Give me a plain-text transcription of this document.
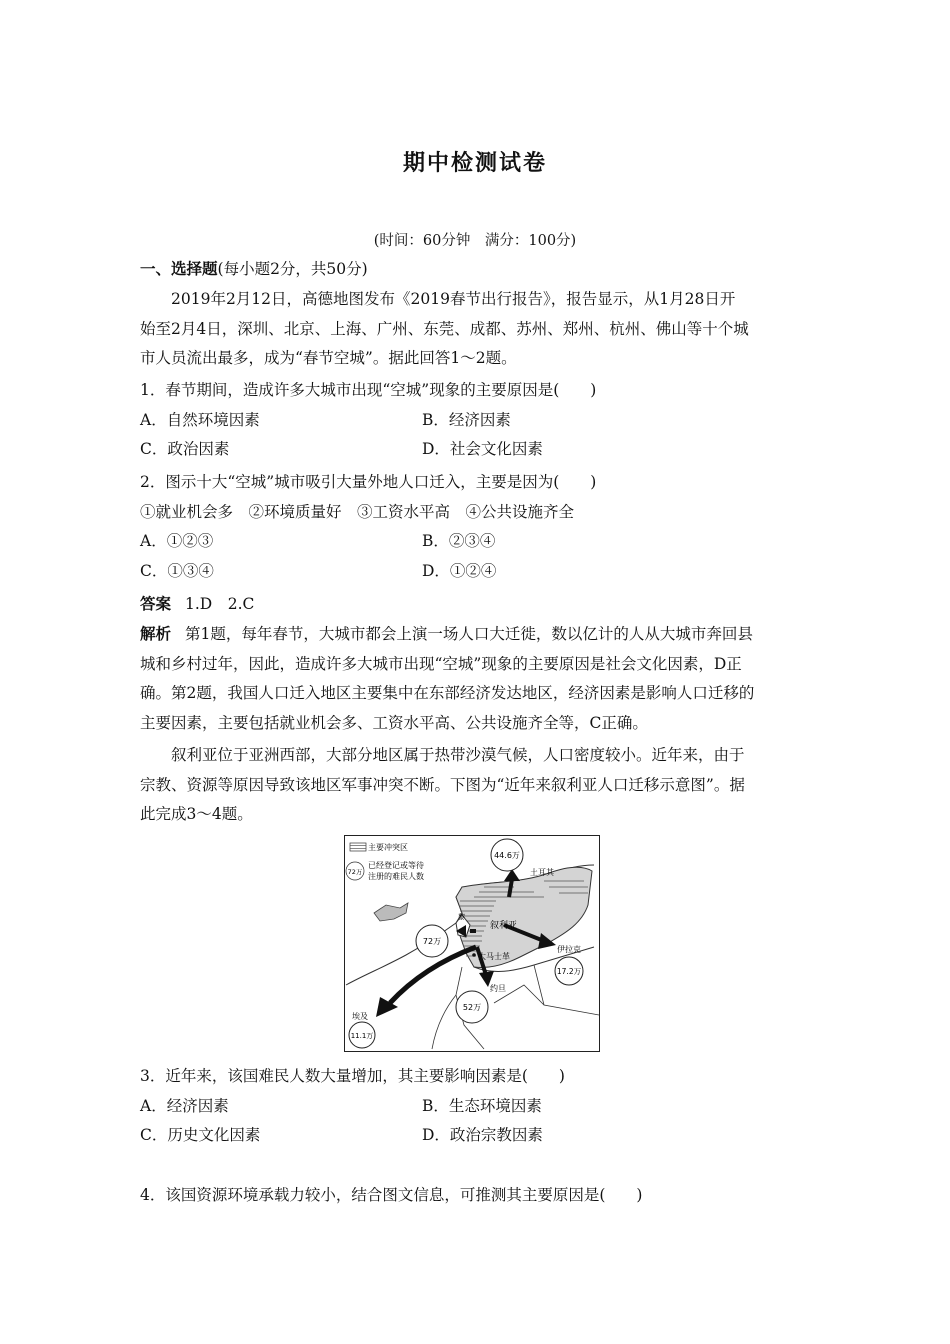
期中检测试卷
(时间：60分钟　满分：100分)
一、选择题(每小题2分，共50分)
2019年2月12日，高德地图发布《2019春节出行报告》，报告显示，从1月28日开
始至2月4日，深圳、北京、上海、广州、东莞、成都、苏州、郑州、杭州、佛山等十个城
市人员流出最多，成为“春节空城”。据此回答1～2题。
1．春节期间，造成许多大城市出现“空城”现象的主要原因是(　　)
A．自然环境因素	B．经济因素
C．政治因素	D．社会文化因素
2．图示十大“空城”城市吸引大量外地人口迁入，主要是因为(　　)
①就业机会多　②环境质量好　③工资水平高　④公共设施齐全
A．①②③	B．②③④
C．①③④	D．①②④
答案 1.D　2.C
解析 第1题，每年春节，大城市都会上演一场人口大迁徙，数以亿计的人从大城市奔回县
城和乡村过年，因此，造成许多大城市出现“空城”现象的主要原因是社会文化因素，D正
确。第2题，我国人口迁入地区主要集中在东部经济发达地区，经济因素是影响人口迁移的
主要因素，主要包括就业机会多、工资水平高、公共设施齐全等，C正确。
叙利亚位于亚洲西部，大部分地区属于热带沙漠气候，人口密度较小。近年来，由于
宗教、资源等原因导致该地区军事冲突不断。下图为“近年来叙利亚人口迁移示意图”。据
此完成3～4题。
主要冲突区
72万
已经登记或等待
注册的难民人数
44.6万
土耳其
72万
黎
叙利亚
大马士革
17.2万
伊拉克
约旦
52万
埃及
11.1万
3．近年来，该国难民人数大量增加，其主要影响因素是(　　)
A．经济因素	B．生态环境因素
C．历史文化因素	D．政治宗教因素
4．该国资源环境承载力较小，结合图文信息，可推测其主要原因是(　　)
